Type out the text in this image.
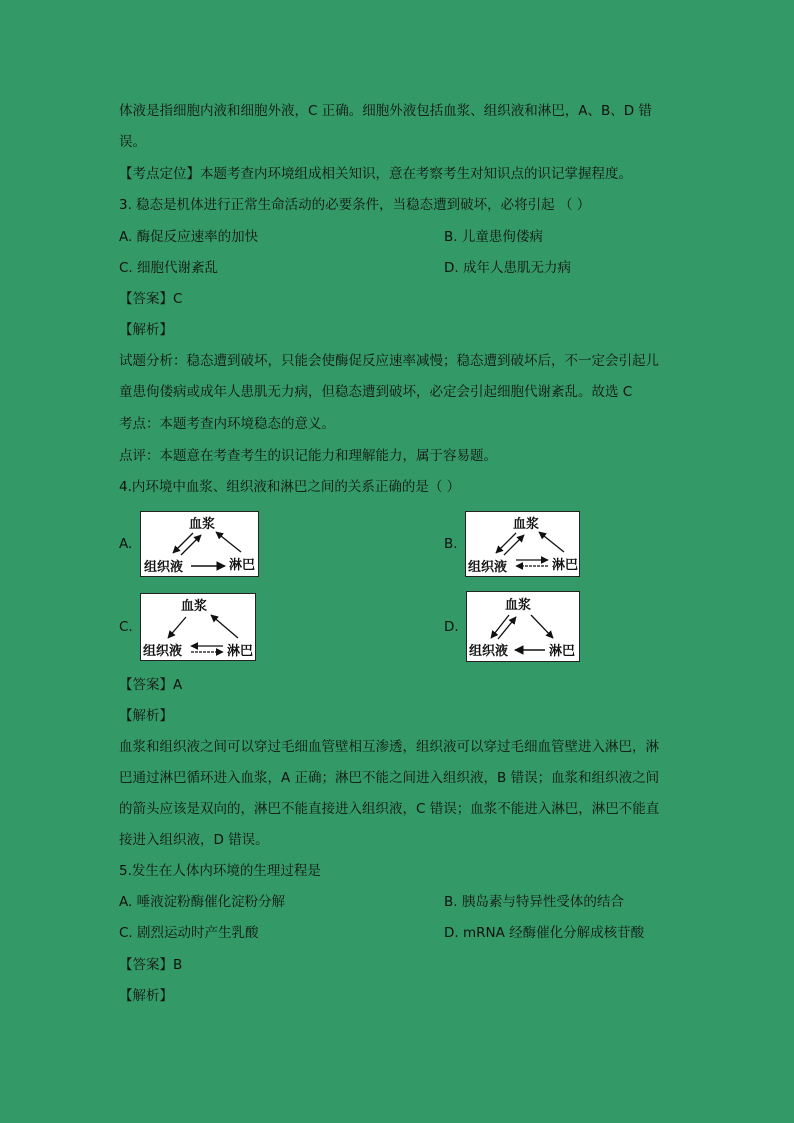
体液是指细胞内液和细胞外液，C 正确。细胞外液包括血浆、组织液和淋巴，A、B、D 错
误。
【考点定位】本题考查内环境组成相关知识，意在考察考生对知识点的识记掌握程度。
3. 稳态是机体进行正常生命活动的必要条件，当稳态遭到破坏，必将引起 （ ）
A. 酶促反应速率的加快	B. 儿童患佝偻病
C. 细胞代谢紊乱	D. 成年人患肌无力病
【答案】C
【解析】
试题分析：稳态遭到破坏，只能会使酶促反应速率减慢；稳态遭到破坏后，不一定会引起儿
童患佝偻病或成年人患肌无力病，但稳态遭到破坏，必定会引起细胞代谢紊乱。故选 C
考点：本题考查内环境稳态的意义。
点评：本题意在考查考生的识记能力和理解能力，属于容易题。
4.内环境中血浆、组织液和淋巴之间的关系正确的是（ ）
A.
血浆
组织液	淋巴
B.
血浆
组织液	淋巴
C.
血浆
组织液	淋巴
D.
血浆
组织液	淋巴
【答案】A
【解析】
血浆和组织液之间可以穿过毛细血管壁相互渗透，组织液可以穿过毛细血管壁进入淋巴，淋
巴通过淋巴循环进入血浆，A 正确；淋巴不能之间进入组织液，B 错误；血浆和组织液之间
的箭头应该是双向的，淋巴不能直接进入组织液，C 错误；血浆不能进入淋巴，淋巴不能直
接进入组织液，D 错误。
5.发生在人体内环境的生理过程是
A. 唾液淀粉酶催化淀粉分解	B. 胰岛素与特异性受体的结合
C. 剧烈运动时产生乳酸	D. mRNA 经酶催化分解成核苷酸
【答案】B
【解析】
